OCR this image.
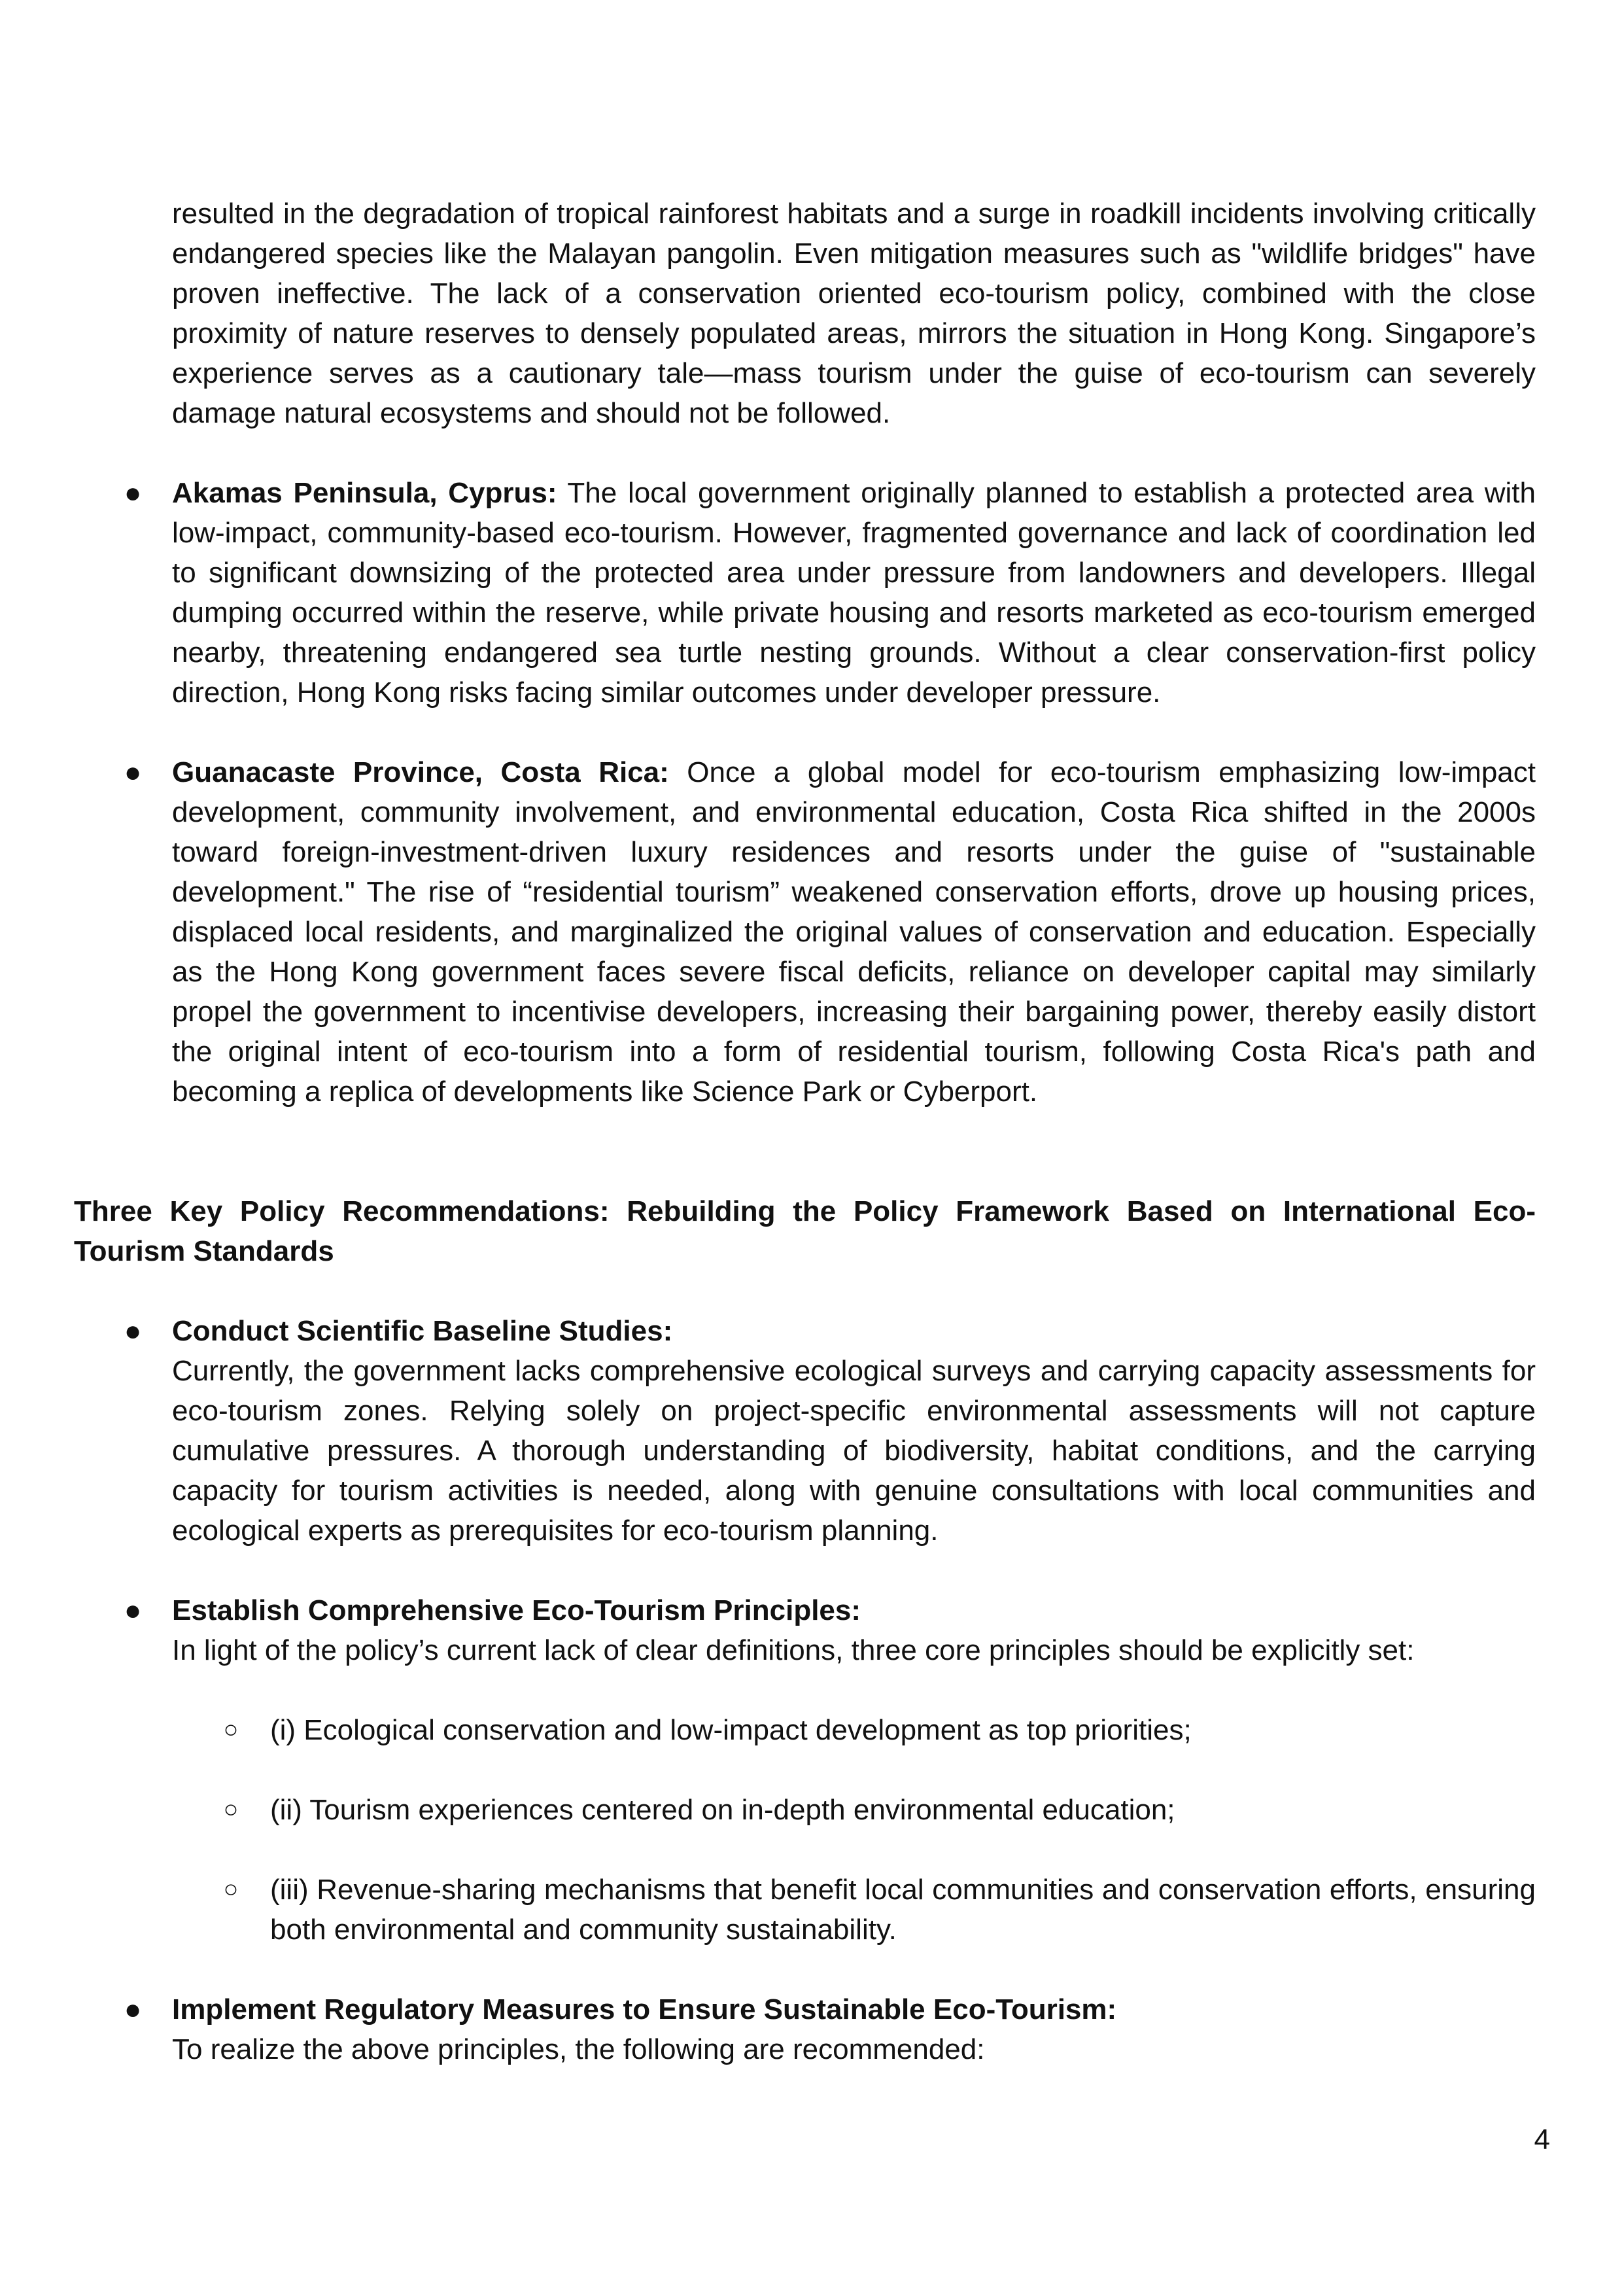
resulted in the degradation of tropical rainforest habitats and a surge in roadkill incidents involving critically endangered species like the Malayan pangolin. Even mitigation measures such as "wildlife bridges" have proven ineffective. The lack of a conservation oriented eco-tourism policy, combined with the close proximity of nature reserves to densely populated areas, mirrors the situation in Hong Kong. Singapore’s experience serves as a cautionary tale—mass tourism under the guise of eco-tourism can severely damage natural ecosystems and should not be followed.

● Akamas Peninsula, Cyprus: The local government originally planned to establish a protected area with low-impact, community-based eco-tourism. However, fragmented governance and lack of coordination led to significant downsizing of the protected area under pressure from landowners and developers. Illegal dumping occurred within the reserve, while private housing and resorts marketed as eco-tourism emerged nearby, threatening endangered sea turtle nesting grounds. Without a clear conservation-first policy direction, Hong Kong risks facing similar outcomes under developer pressure.
● Guanacaste Province, Costa Rica: Once a global model for eco-tourism emphasizing low-impact development, community involvement, and environmental education, Costa Rica shifted in the 2000s toward foreign-investment-driven luxury residences and resorts under the guise of "sustainable development." The rise of “residential tourism” weakened conservation efforts, drove up housing prices, displaced local residents, and marginalized the original values of conservation and education. Especially as the Hong Kong government faces severe fiscal deficits, reliance on developer capital may similarly propel the government to incentivise developers, increasing their bargaining power, thereby easily distort the original intent of eco-tourism into a form of residential tourism, following Costa Rica's path and becoming a replica of developments like Science Park or Cyberport.

Three Key Policy Recommendations: Rebuilding the Policy Framework Based on International Eco-Tourism Standards

● Conduct Scientific Baseline Studies:
Currently, the government lacks comprehensive ecological surveys and carrying capacity assessments for eco-tourism zones. Relying solely on project-specific environmental assessments will not capture cumulative pressures. A thorough understanding of biodiversity, habitat conditions, and the carrying capacity for tourism activities is needed, along with genuine consultations with local communities and ecological experts as prerequisites for eco-tourism planning.
● Establish Comprehensive Eco-Tourism Principles:
In light of the policy’s current lack of clear definitions, three core principles should be explicitly set:
○ (i) Ecological conservation and low-impact development as top priorities;
○ (ii) Tourism experiences centered on in-depth environmental education;
○ (iii) Revenue-sharing mechanisms that benefit local communities and conservation efforts, ensuring both environmental and community sustainability.
● Implement Regulatory Measures to Ensure Sustainable Eco-Tourism:
To realize the above principles, the following are recommended:
4
